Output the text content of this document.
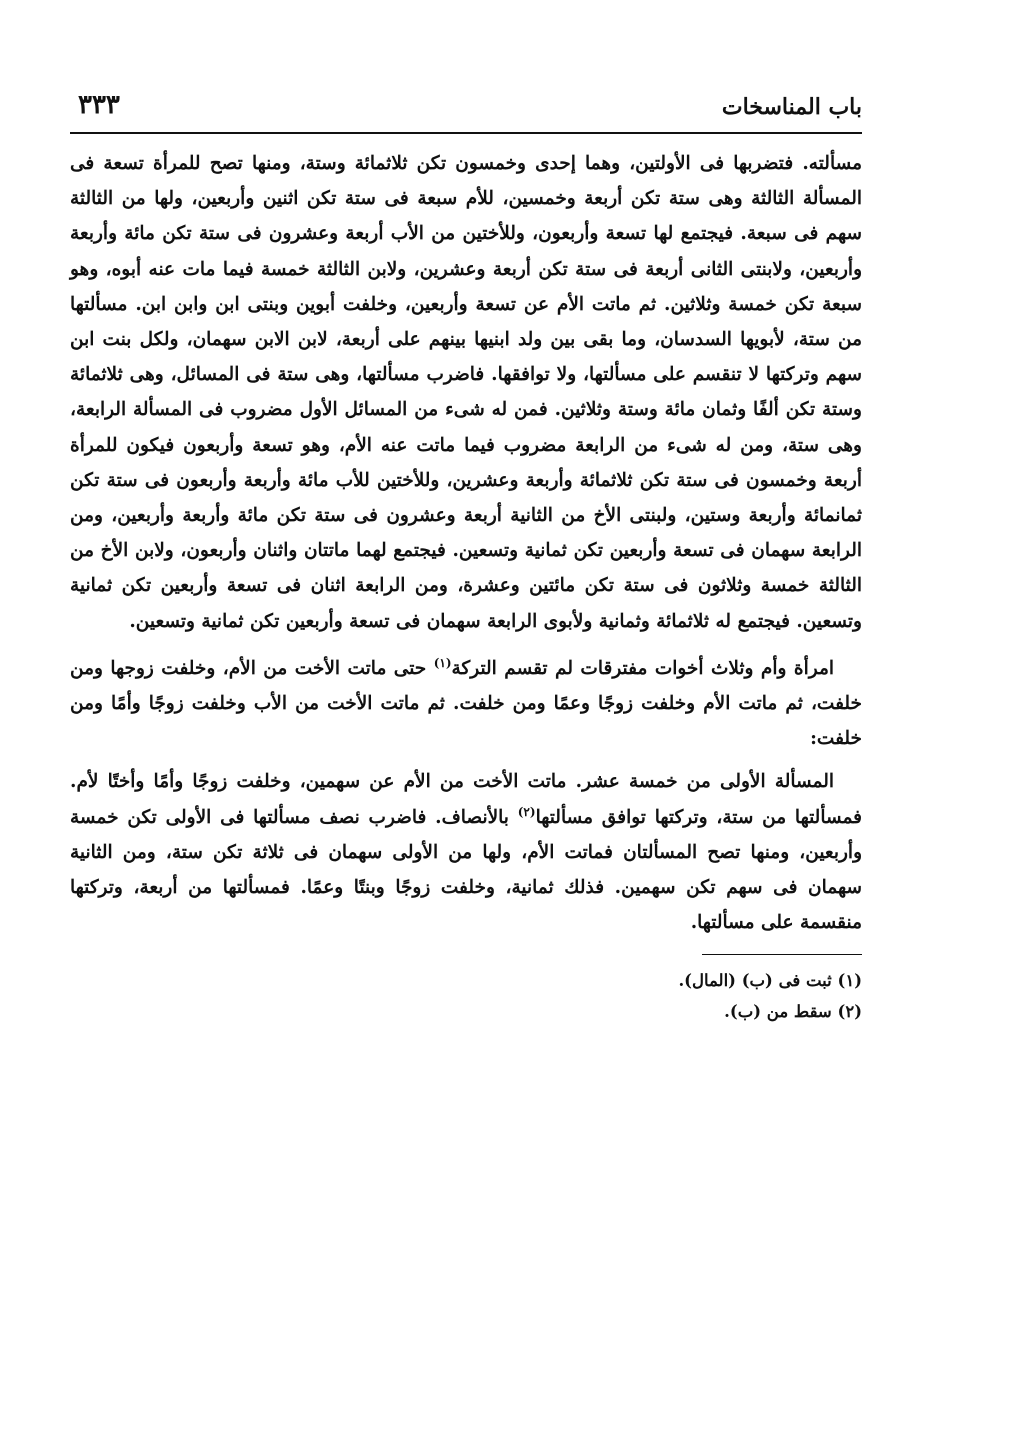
باب المناسخات
٣٣٣

مسألته. فتضربها فى الأولتين، وهما إحدى وخمسون تكن ثلاثمائة وستة، ومنها تصح للمرأة تسعة فى المسألة الثالثة وهى ستة تكن أربعة وخمسين، للأم سبعة فى ستة تكن اثنين وأربعين، ولها من الثالثة سهم فى سبعة. فيجتمع لها تسعة وأربعون، وللأختين من الأب أربعة وعشرون فى ستة تكن مائة وأربعة وأربعين، ولابنتى الثانى أربعة فى ستة تكن أربعة وعشرين، ولابن الثالثة خمسة فيما مات عنه أبوه، وهو سبعة تكن خمسة وثلاثين. ثم ماتت الأم عن تسعة وأربعين، وخلفت أبوين وبنتى ابن وابن ابن. مسألتها من ستة، لأبويها السدسان، وما بقى بين ولد ابنيها بينهم على أربعة، لابن الابن سهمان، ولكل بنت ابن سهم وتركتها لا تنقسم على مسألتها، ولا توافقها. فاضرب مسألتها، وهى ستة فى المسائل، وهى ثلاثمائة وستة تكن ألفًا وثمان مائة وستة وثلاثين. فمن له شىء من المسائل الأول مضروب فى المسألة الرابعة، وهى ستة، ومن له شىء من الرابعة مضروب فيما ماتت عنه الأم، وهو تسعة وأربعون فيكون للمرأة أربعة وخمسون فى ستة تكن ثلاثمائة وأربعة وعشرين، وللأختين للأب مائة وأربعة وأربعون فى ستة تكن ثمانمائة وأربعة وستين، ولبنتى الأخ من الثانية أربعة وعشرون فى ستة تكن مائة وأربعة وأربعين، ومن الرابعة سهمان فى تسعة وأربعين تكن ثمانية وتسعين. فيجتمع لهما ماتتان واثنان وأربعون، ولابن الأخ من الثالثة خمسة وثلاثون فى ستة تكن مائتين وعشرة، ومن الرابعة اثنان فى تسعة وأربعين تكن ثمانية وتسعين. فيجتمع له ثلاثمائة وثمانية ولأبوى الرابعة سهمان فى تسعة وأربعين تكن ثمانية وتسعين.

امرأة وأم وثلاث أخوات مفترقات لم تقسم التركة$^{(١)}$ حتى ماتت الأخت من الأم، وخلفت زوجها ومن خلفت، ثم ماتت الأم وخلفت زوجًا وعمًا ومن خلفت. ثم ماتت الأخت من الأب وخلفت زوجًا وأمًا ومن خلفت:

المسألة الأولى من خمسة عشر. ماتت الأخت من الأم عن سهمين، وخلفت زوجًا وأمًا وأختًا لأم. فمسألتها من ستة، وتركتها توافق مسألتها$^{(٢)}$ بالأنصاف. فاضرب نصف مسألتها فى الأولى تكن خمسة وأربعين، ومنها تصح المسألتان فماتت الأم، ولها من الأولى سهمان فى ثلاثة تكن ستة، ومن الثانية سهمان فى سهم تكن سهمين. فذلك ثمانية، وخلفت زوجًا وبنتًا وعمًا. فمسألتها من أربعة، وتركتها منقسمة على مسألتها.

(١) ثبت فى (ب) (المال).

(٢) سقط من (ب).
